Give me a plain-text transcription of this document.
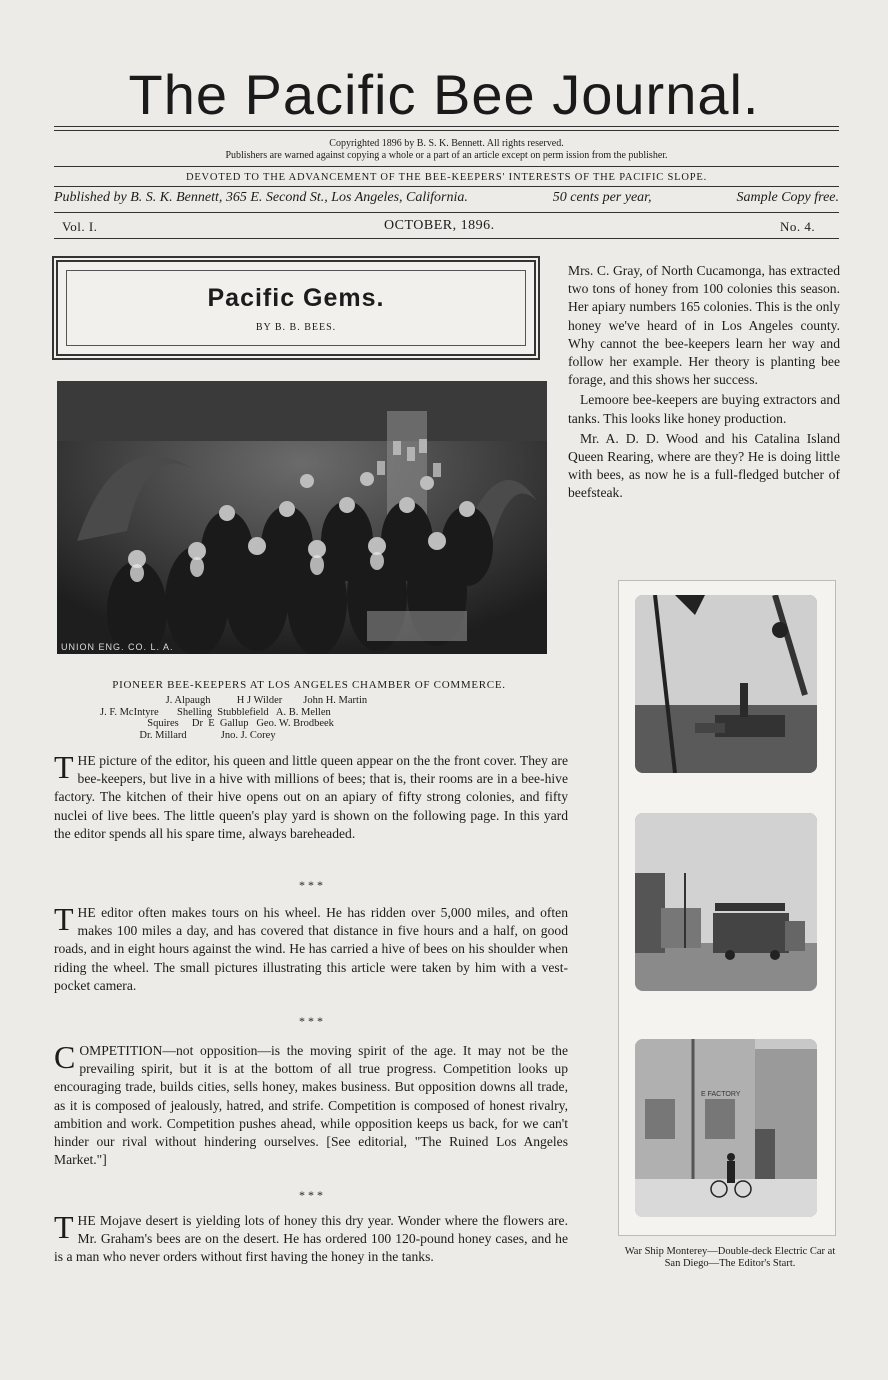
The Pacific Bee Journal.
Copyrighted 1896 by B. S. K. Bennett. All rights reserved.
Publishers are warned against copying a whole or a part of an article except on perm ission from the publisher.
DEVOTED TO THE ADVANCEMENT OF THE BEE-KEEPERS' INTERESTS OF THE PACIFIC SLOPE.
Published by B. S. K. Bennett, 365 E. Second St., Los Angeles, California.	50 cents per year,	Sample Copy free.
Vol. I.	OCTOBER, 1896.	No. 4.
Pacific Gems.
BY B. B. BEES.
UNION ENG. CO. L. A.
PIONEER BEE-KEEPERS AT LOS ANGELES CHAMBER OF COMMERCE.
J. Alpaugh          H J Wilder        John H. Martin
J. F. McIntyre       Shelling  Stubblefield   A. B. Mellen
Squires     Dr  E  Gallup   Geo. W. Brodbeek
Dr. Millard             Jno. J. Corey
T HE picture of the editor, his queen and little queen appear on the the front cover. They are bee-keepers, but live in a hive with millions of bees; that is, their rooms are in a bee-hive factory. The kitchen of their hive opens out on an apiary of fifty strong colonies, and fifty nuclei of live bees. The little queen's play yard is shown on the following page. In this yard the editor spends all his spare time, always bareheaded.
* * *
T HE editor often makes tours on his wheel. He has ridden over 5,000 miles, and often makes 100 miles a day, and has covered that distance in five hours and a half, on good roads, and in eight hours against the wind. He has carried a hive of bees on his shoulder when riding the wheel. The small pictures illustrating this article were taken by him with a vest-pocket camera.
* * *
C OMPETITION—not opposition—is the moving spirit of the age. It may not be the prevailing spirit, but it is at the bottom of all true progress. Competition looks up encouraging trade, builds cities, sells honey, makes business. But opposition downs all trade, as it is composed of jealously, hatred, and strife. Competition is composed of honest rivalry, ambition and work. Competition pushes ahead, while opposition keeps us back, for we can't hinder our rival without hindering ourselves. [See editorial, "The Ruined Los Angeles Market."]
* * *
T HE Mojave desert is yielding lots of honey this dry year. Wonder where the flowers are. Mr. Graham's bees are on the desert. He has ordered 100 120-pound honey cases, and he is a man who never orders without first having the honey in the tanks.

Mrs. C. Gray, of North Cucamonga, has extracted two tons of honey from 100 colonies this season. Her apiary numbers 165 colonies. This is the only honey we've heard of in Los Angeles county. Why cannot the bee-keepers learn her way and follow her example. Her theory is planting bee forage, and this shows her success.

Lemoore bee-keepers are buying extractors and tanks. This looks like honey production.

Mr. A. D. D. Wood and his Catalina Island Queen Rearing, where are they? He is doing little with bees, as now he is a full-fledged butcher of beefsteak.

E FACTORY
War Ship Monterey—Double-deck Electric Car at San Diego—The Editor's Start.
